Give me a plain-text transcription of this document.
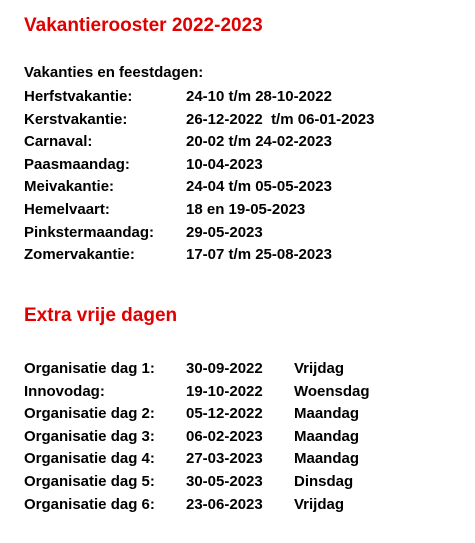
Vakantierooster 2022-2023
Vakanties en feestdagen:
Herfstvakantie:	24-10 t/m 28-10-2022
Kerstvakantie:	26-12-2022  t/m 06-01-2023
Carnaval:	20-02 t/m 24-02-2023
Paasmaandag:	10-04-2023
Meivakantie:	24-04 t/m 05-05-2023
Hemelvaart:	18 en 19-05-2023
Pinkstermaandag: 29-05-2023
Zomervakantie:	17-07 t/m 25-08-2023
Extra vrije dagen
Organisatie dag 1: 30-09-2022 Vrijdag
Innovodag:	19-10-2022 Woensdag
Organisatie dag 2: 05-12-2022 Maandag
Organisatie dag 3: 06-02-2023 Maandag
Organisatie dag 4: 27-03-2023 Maandag
Organisatie dag 5: 30-05-2023 Dinsdag
Organisatie dag 6: 23-06-2023 Vrijdag
